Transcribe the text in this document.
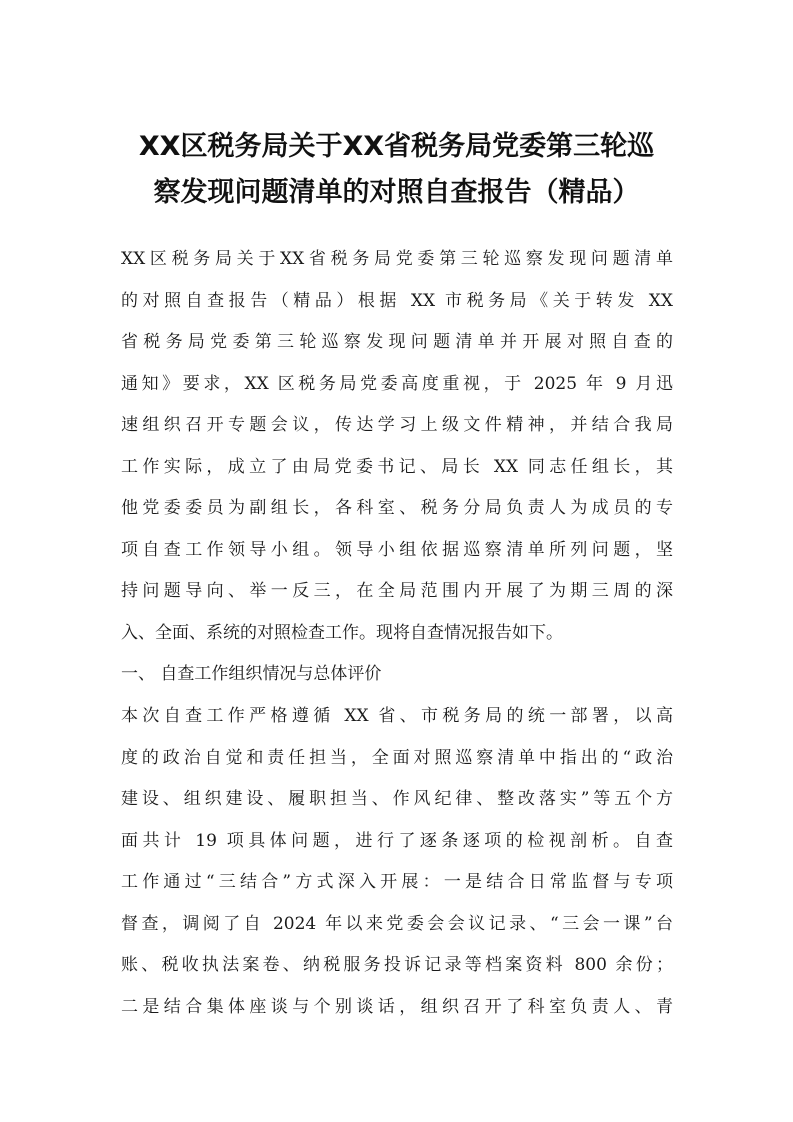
XX区税务局关于XX省税务局党委第三轮巡
察发现问题清单的对照自查报告（精品）
XX区税务局关于XX省税务局党委第三轮巡察发现问题清单
的对照自查报告（精品）根据 XX 市税务局《关于转发 XX
省税务局党委第三轮巡察发现问题清单并开展对照自查的
通知》要求，XX 区税务局党委高度重视，于 2025 年 9 月迅
速组织召开专题会议，传达学习上级文件精神，并结合我局
工作实际，成立了由局党委书记、局长 XX 同志任组长，其
他党委委员为副组长，各科室、税务分局负责人为成员的专
项自查工作领导小组。领导小组依据巡察清单所列问题，坚
持问题导向、举一反三，在全局范围内开展了为期三周的深
入、全面、系统的对照检查工作。现将自查情况报告如下。
一、 自查工作组织情况与总体评价
本次自查工作严格遵循 XX 省、市税务局的统一部署，以高
度的政治自觉和责任担当，全面对照巡察清单中指出的“政治
建设、组织建设、履职担当、作风纪律、整改落实”等五个方
面共计 19 项具体问题，进行了逐条逐项的检视剖析。自查
工作通过“三结合”方式深入开展：一是结合日常监督与专项
督查，调阅了自 2024 年以来党委会会议记录、“三会一课”台
账、税收执法案卷、纳税服务投诉记录等档案资料 800 余份；
二是结合集体座谈与个别谈话，组织召开了科室负责人、青
